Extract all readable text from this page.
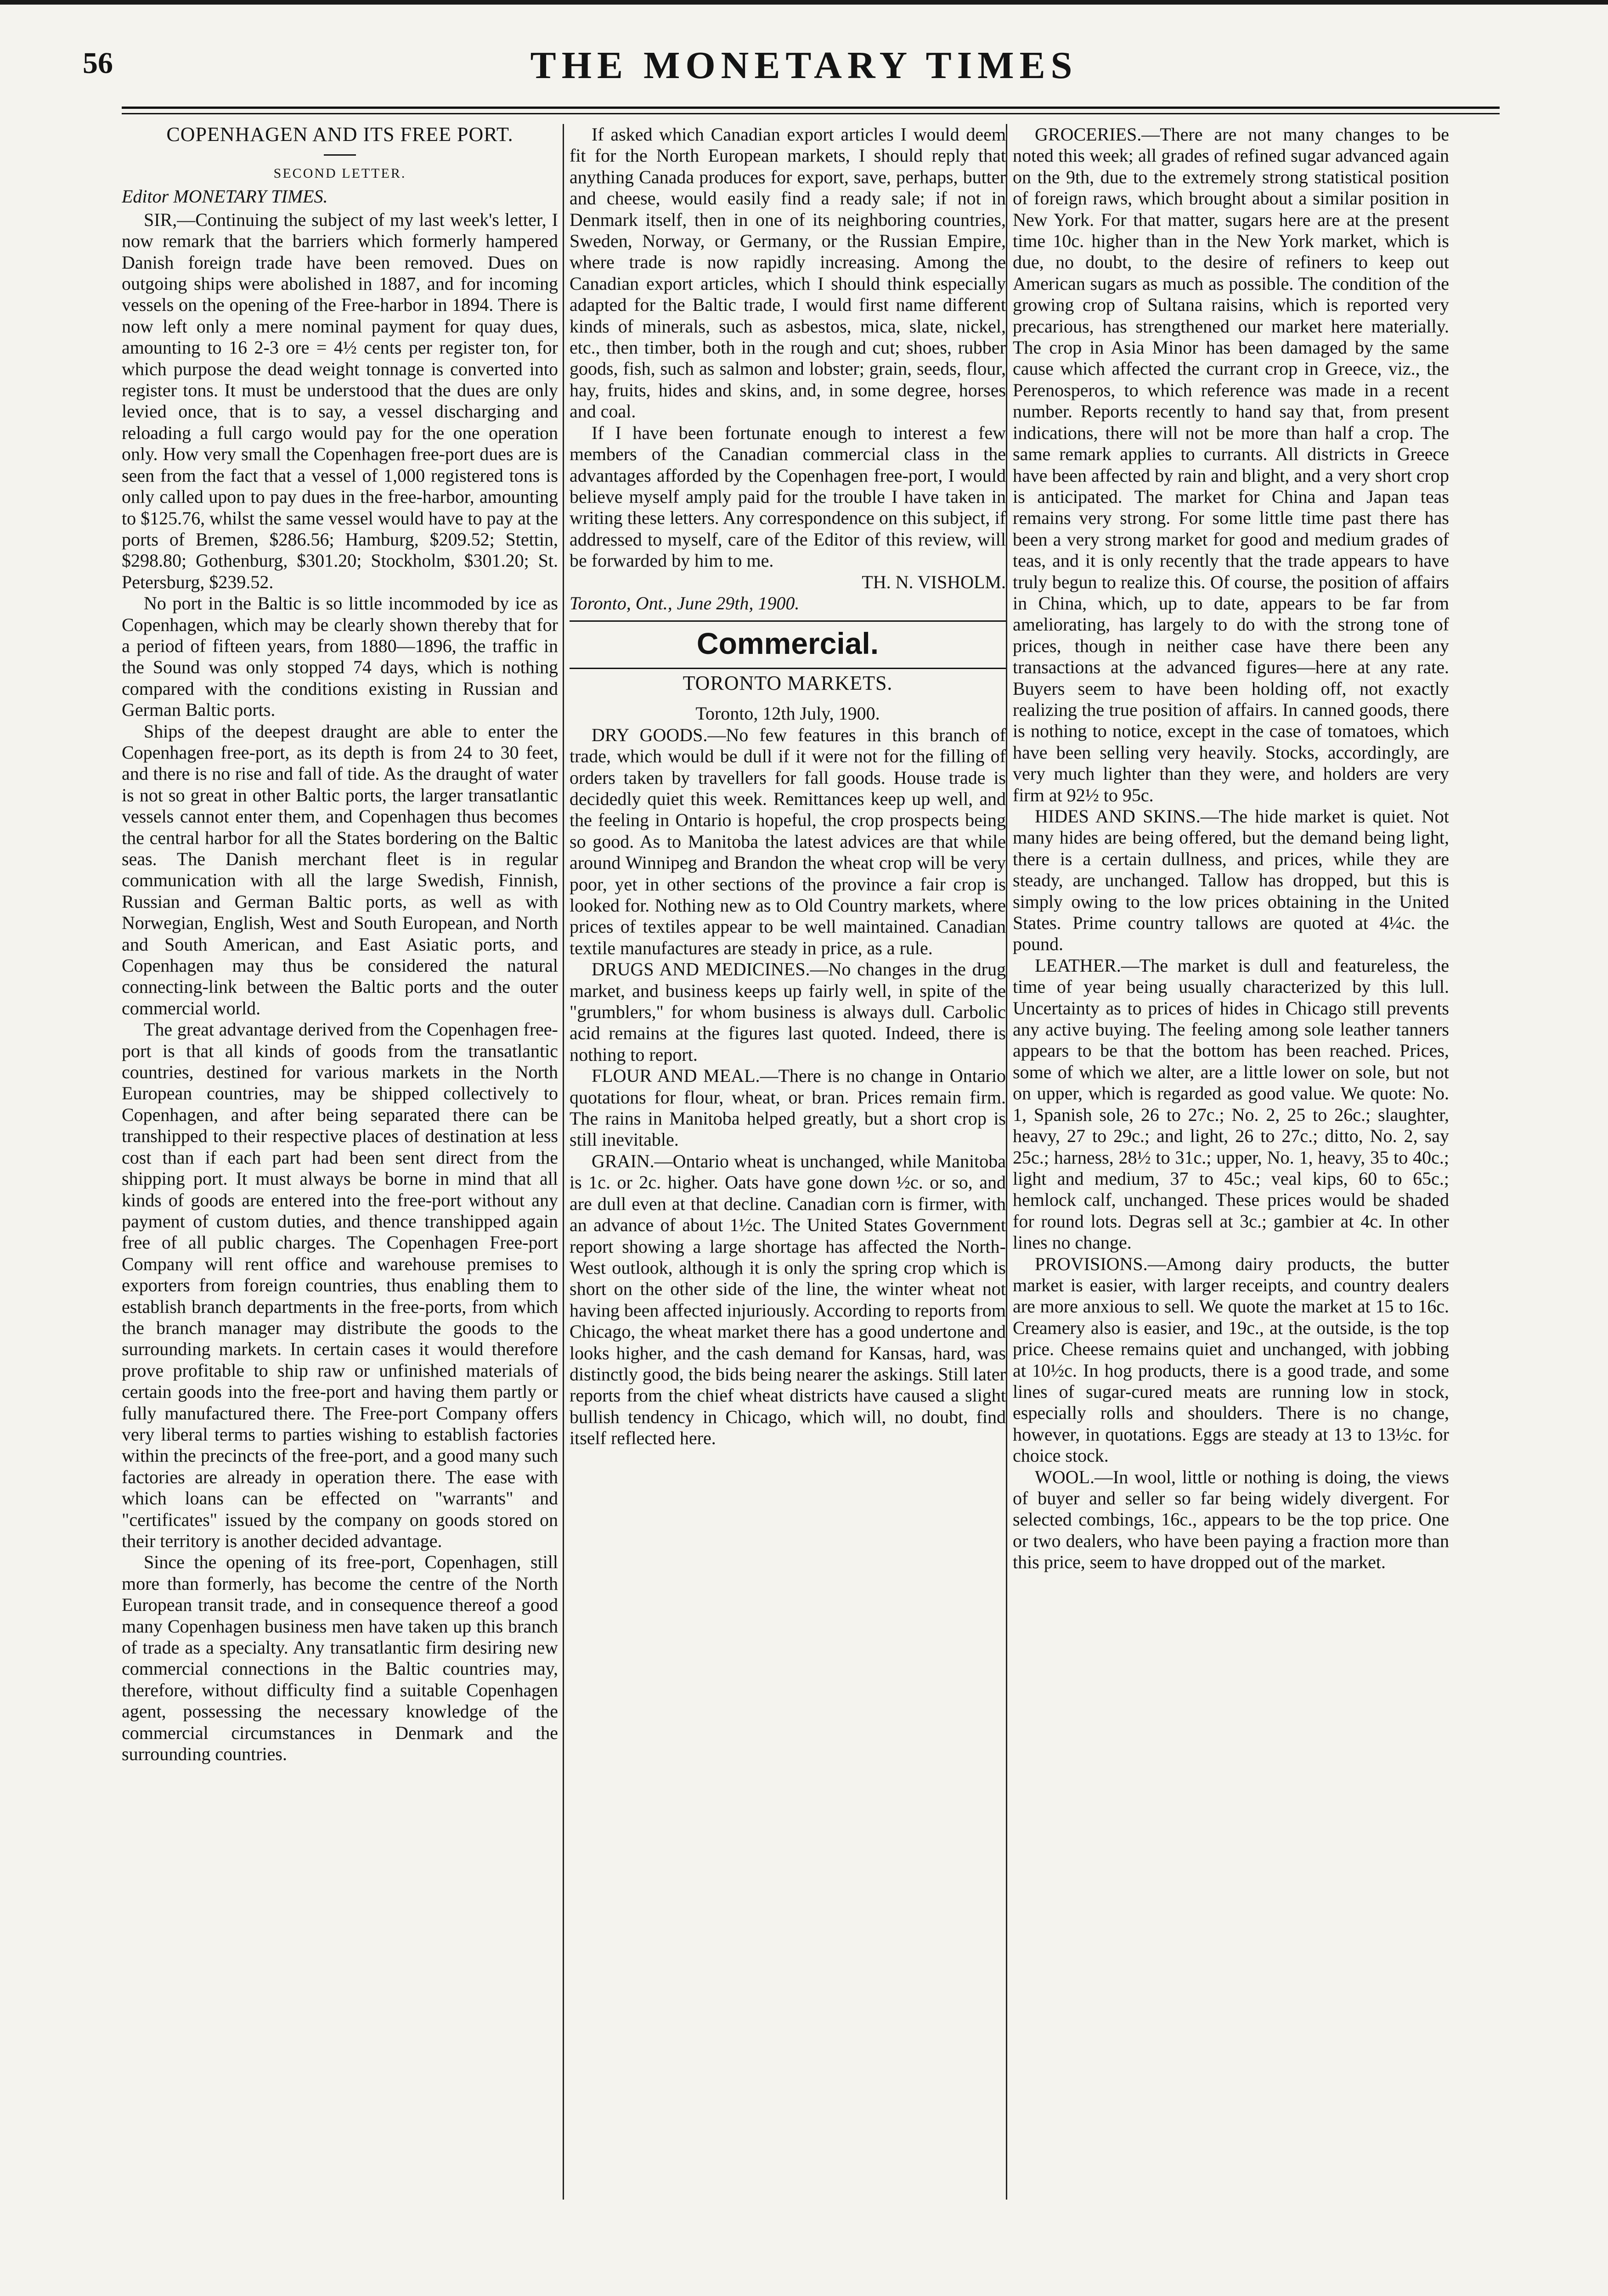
56	THE MONETARY TIMES
COPENHAGEN AND ITS FREE PORT.
SECOND LETTER.
Editor MONETARY TIMES.

SIR,—Continuing the subject of my last week's letter, I now remark that the barriers which formerly hampered Danish foreign trade have been removed. Dues on outgoing ships were abolished in 1887, and for incoming vessels on the opening of the Free-harbor in 1894. There is now left only a mere nominal payment for quay dues, amounting to 16 2-3 ore = 4½ cents per register ton, for which purpose the dead weight tonnage is converted into register tons. It must be understood that the dues are only levied once, that is to say, a vessel discharging and reloading a full cargo would pay for the one operation only. How very small the Copenhagen free-port dues are is seen from the fact that a vessel of 1,000 registered tons is only called upon to pay dues in the free-harbor, amounting to $125.76, whilst the same vessel would have to pay at the ports of Bremen, $286.56; Hamburg, $209.52; Stettin, $298.80; Gothenburg, $301.20; Stockholm, $301.20; St. Petersburg, $239.52.

No port in the Baltic is so little incommoded by ice as Copenhagen, which may be clearly shown thereby that for a period of fifteen years, from 1880—1896, the traffic in the Sound was only stopped 74 days, which is nothing compared with the conditions existing in Russian and German Baltic ports.

Ships of the deepest draught are able to enter the Copenhagen free-port, as its depth is from 24 to 30 feet, and there is no rise and fall of tide. As the draught of water is not so great in other Baltic ports, the larger transatlantic vessels cannot enter them, and Copenhagen thus becomes the central harbor for all the States bordering on the Baltic seas. The Danish merchant fleet is in regular communication with all the large Swedish, Finnish, Russian and German Baltic ports, as well as with Norwegian, English, West and South European, and North and South American, and East Asiatic ports, and Copenhagen may thus be considered the natural connecting-link between the Baltic ports and the outer commercial world.

The great advantage derived from the Copenhagen free-port is that all kinds of goods from the transatlantic countries, destined for various markets in the North European countries, may be shipped collectively to Copenhagen, and after being separated there can be transhipped to their respective places of destination at less cost than if each part had been sent direct from the shipping port. It must always be borne in mind that all kinds of goods are entered into the free-port without any payment of custom duties, and thence transhipped again free of all public charges. The Copenhagen Free-port Company will rent office and warehouse premises to exporters from foreign countries, thus enabling them to establish branch departments in the free-ports, from which the branch manager may distribute the goods to the surrounding markets. In certain cases it would therefore prove profitable to ship raw or unfinished materials of certain goods into the free-port and having them partly or fully manufactured there. The Free-port Company offers very liberal terms to parties wishing to establish factories within the precincts of the free-port, and a good many such factories are already in operation there. The ease with which loans can be effected on "warrants" and "certificates" issued by the company on goods stored on their territory is another decided advantage.

Since the opening of its free-port, Copenhagen, still more than formerly, has become the centre of the North European transit trade, and in consequence thereof a good many Copenhagen business men have taken up this branch of trade as a specialty. Any transatlantic firm desiring new commercial connections in the Baltic countries may, therefore, without difficulty find a suitable Copenhagen agent, possessing the necessary knowledge of the commercial circumstances in Denmark and the surrounding countries.

If asked which Canadian export articles I would deem fit for the North European markets, I should reply that anything Canada produces for export, save, perhaps, butter and cheese, would easily find a ready sale; if not in Denmark itself, then in one of its neighboring countries, Sweden, Norway, or Germany, or the Russian Empire, where trade is now rapidly increasing. Among the Canadian export articles, which I should think especially adapted for the Baltic trade, I would first name different kinds of minerals, such as asbestos, mica, slate, nickel, etc., then timber, both in the rough and cut; shoes, rubber goods, fish, such as salmon and lobster; grain, seeds, flour, hay, fruits, hides and skins, and, in some degree, horses and coal.

If I have been fortunate enough to interest a few members of the Canadian commercial class in the advantages afforded by the Copenhagen free-port, I would believe myself amply paid for the trouble I have taken in writing these letters. Any correspondence on this subject, if addressed to myself, care of the Editor of this review, will be forwarded by him to me.

TH. N. VISHOLM.

Toronto, Ont., June 29th, 1900.

Commercial.
TORONTO MARKETS.

Toronto, 12th July, 1900.

DRY GOODS.—No few features in this branch of trade, which would be dull if it were not for the filling of orders taken by travellers for fall goods. House trade is decidedly quiet this week. Remittances keep up well, and the feeling in Ontario is hopeful, the crop prospects being so good. As to Manitoba the latest advices are that while around Winnipeg and Brandon the wheat crop will be very poor, yet in other sections of the province a fair crop is looked for. Nothing new as to Old Country markets, where prices of textiles appear to be well maintained. Canadian textile manufactures are steady in price, as a rule.

DRUGS AND MEDICINES.—No changes in the drug market, and business keeps up fairly well, in spite of the "grumblers," for whom business is always dull. Carbolic acid remains at the figures last quoted. Indeed, there is nothing to report.

FLOUR AND MEAL.—There is no change in Ontario quotations for flour, wheat, or bran. Prices remain firm. The rains in Manitoba helped greatly, but a short crop is still inevitable.

GRAIN.—Ontario wheat is unchanged, while Manitoba is 1c. or 2c. higher. Oats have gone down ½c. or so, and are dull even at that decline. Canadian corn is firmer, with an advance of about 1½c. The United States Government report showing a large shortage has affected the North-West outlook, although it is only the spring crop which is short on the other side of the line, the winter wheat not having been affected injuriously. According to reports from Chicago, the wheat market there has a good undertone and looks higher, and the cash demand for Kansas, hard, was distinctly good, the bids being nearer the askings. Still later reports from the chief wheat districts have caused a slight bullish tendency in Chicago, which will, no doubt, find itself reflected here.

GROCERIES.—There are not many changes to be noted this week; all grades of refined sugar advanced again on the 9th, due to the extremely strong statistical position of foreign raws, which brought about a similar position in New York. For that matter, sugars here are at the present time 10c. higher than in the New York market, which is due, no doubt, to the desire of refiners to keep out American sugars as much as possible. The condition of the growing crop of Sultana raisins, which is reported very precarious, has strengthened our market here materially. The crop in Asia Minor has been damaged by the same cause which affected the currant crop in Greece, viz., the Perenosperos, to which reference was made in a recent number. Reports recently to hand say that, from present indications, there will not be more than half a crop. The same remark applies to currants. All districts in Greece have been affected by rain and blight, and a very short crop is anticipated. The market for China and Japan teas remains very strong. For some little time past there has been a very strong market for good and medium grades of teas, and it is only recently that the trade appears to have truly begun to realize this. Of course, the position of affairs in China, which, up to date, appears to be far from ameliorating, has largely to do with the strong tone of prices, though in neither case have there been any transactions at the advanced figures—here at any rate. Buyers seem to have been holding off, not exactly realizing the true position of affairs. In canned goods, there is nothing to notice, except in the case of tomatoes, which have been selling very heavily. Stocks, accordingly, are very much lighter than they were, and holders are very firm at 92½ to 95c.

HIDES AND SKINS.—The hide market is quiet. Not many hides are being offered, but the demand being light, there is a certain dullness, and prices, while they are steady, are unchanged. Tallow has dropped, but this is simply owing to the low prices obtaining in the United States. Prime country tallows are quoted at 4¼c. the pound.

LEATHER.—The market is dull and featureless, the time of year being usually characterized by this lull. Uncertainty as to prices of hides in Chicago still prevents any active buying. The feeling among sole leather tanners appears to be that the bottom has been reached. Prices, some of which we alter, are a little lower on sole, but not on upper, which is regarded as good value. We quote: No. 1, Spanish sole, 26 to 27c.; No. 2, 25 to 26c.; slaughter, heavy, 27 to 29c.; and light, 26 to 27c.; ditto, No. 2, say 25c.; harness, 28½ to 31c.; upper, No. 1, heavy, 35 to 40c.; light and medium, 37 to 45c.; veal kips, 60 to 65c.; hemlock calf, unchanged. These prices would be shaded for round lots. Degras sell at 3c.; gambier at 4c. In other lines no change.

PROVISIONS.—Among dairy products, the butter market is easier, with larger receipts, and country dealers are more anxious to sell. We quote the market at 15 to 16c. Creamery also is easier, and 19c., at the outside, is the top price. Cheese remains quiet and unchanged, with jobbing at 10½c. In hog products, there is a good trade, and some lines of sugar-cured meats are running low in stock, especially rolls and shoulders. There is no change, however, in quotations. Eggs are steady at 13 to 13½c. for choice stock.

WOOL.—In wool, little or nothing is doing, the views of buyer and seller so far being widely divergent. For selected combings, 16c., appears to be the top price. One or two dealers, who have been paying a fraction more than this price, seem to have dropped out of the market.
